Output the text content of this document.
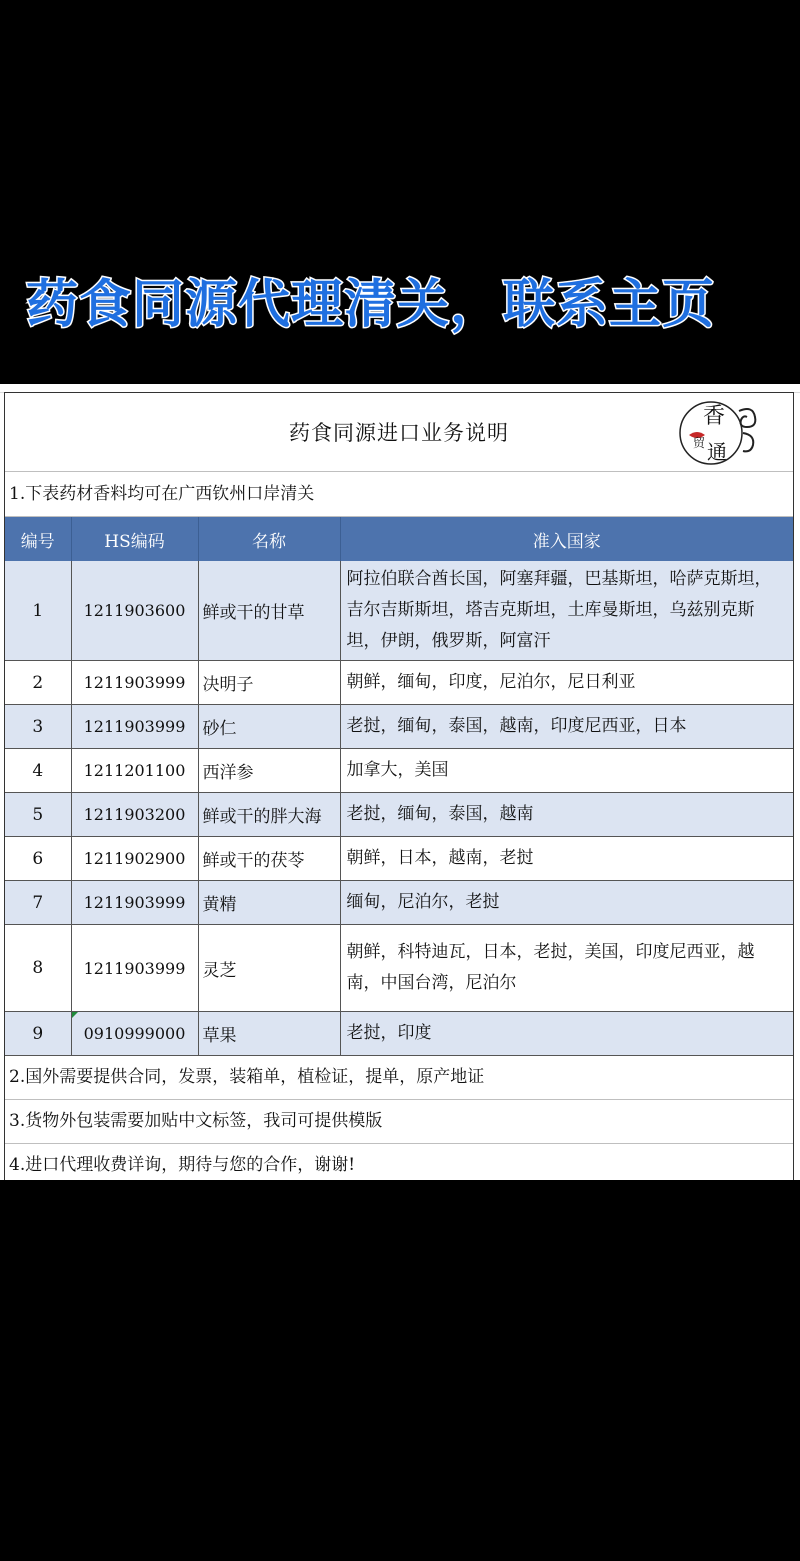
药食同源代理清关，联系主页
药食同源进口业务说明
香
贸 通
1.下表药材香料均可在广西钦州口岸清关
编号	HS编码	名称	准入国家
1	1211903600	鲜或干的甘草	阿拉伯联合酋长国，阿塞拜疆，巴基斯坦，哈萨克斯坦，吉尔吉斯斯坦，塔吉克斯坦，土库曼斯坦，乌兹别克斯坦，伊朗，俄罗斯，阿富汗
2	1211903999	决明子	朝鲜，缅甸，印度，尼泊尔，尼日利亚
3	1211903999	砂仁	老挝，缅甸，泰国，越南，印度尼西亚，日本
4	1211201100	西洋参	加拿大，美国
5	1211903200	鲜或干的胖大海	老挝，缅甸，泰国，越南
6	1211902900	鲜或干的茯苓	朝鲜，日本，越南，老挝
7	1211903999	黄精	缅甸，尼泊尔，老挝
8	1211903999	灵芝	朝鲜，科特迪瓦，日本，老挝，美国，印度尼西亚，越南，中国台湾，尼泊尔
9	0910999000	草果	老挝，印度
2.国外需要提供合同，发票，装箱单，植检证，提单，原产地证
3.货物外包装需要加贴中文标签，我司可提供模版
4.进口代理收费详询，期待与您的合作，谢谢!
